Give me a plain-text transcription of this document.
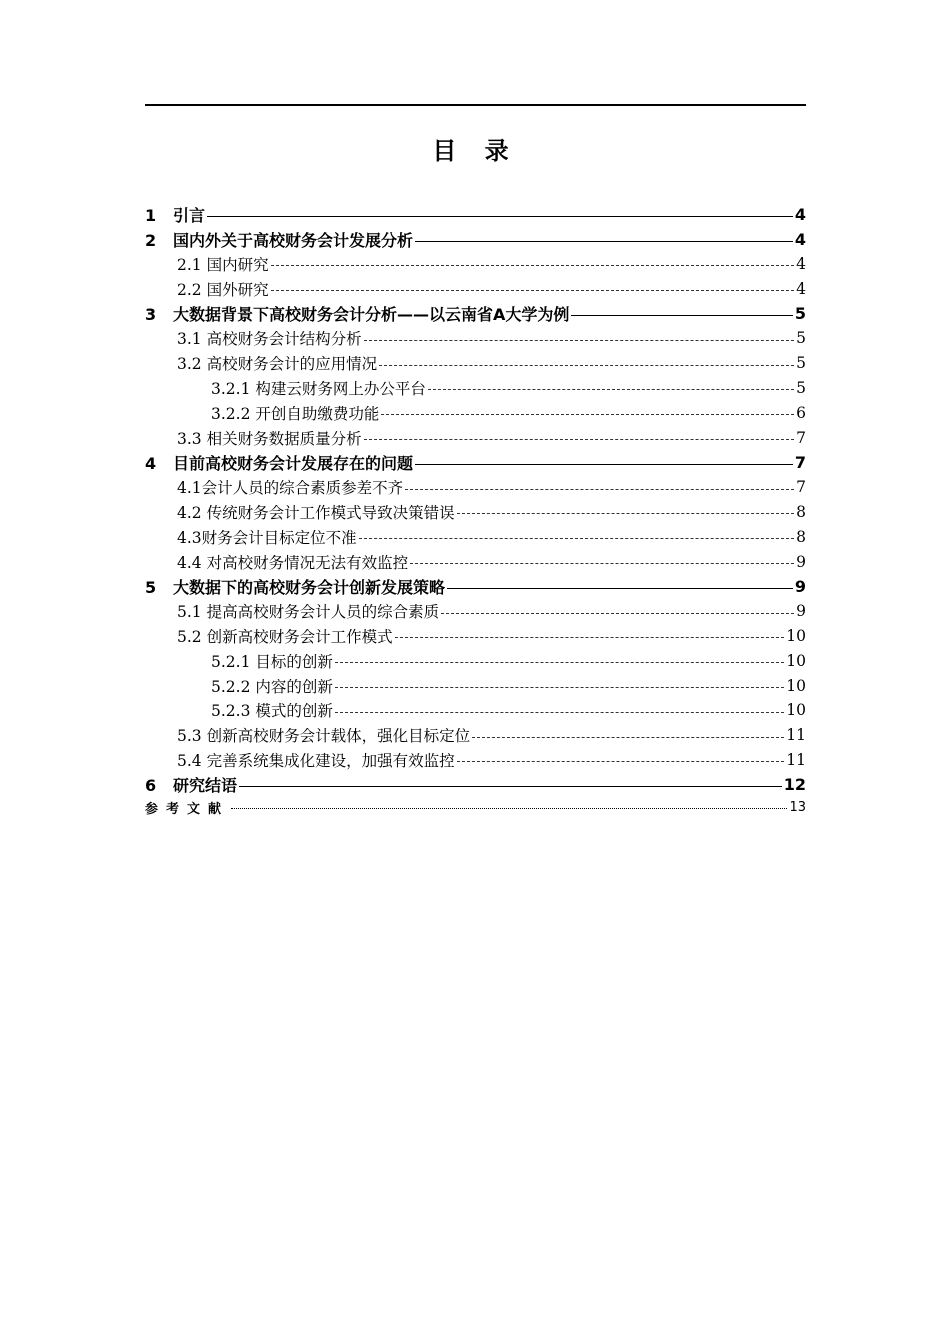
目 录
1 引言	4
2 国内外关于高校财务会计发展分析	4
2.1 国内研究	4
2.2 国外研究	4
3 大数据背景下高校财务会计分析——以云南省A大学为例	5
3.1 高校财务会计结构分析	5
3.2 高校财务会计的应用情况	5
3.2.1 构建云财务网上办公平台	5
3.2.2 开创自助缴费功能	6
3.3 相关财务数据质量分析	7
4 目前高校财务会计发展存在的问题	7
4.1会计人员的综合素质参差不齐	7
4.2 传统财务会计工作模式导致决策错误	8
4.3财务会计目标定位不准	8
4.4 对高校财务情况无法有效监控	9
5 大数据下的高校财务会计创新发展策略	9
5.1 提高高校财务会计人员的综合素质	9
5.2 创新高校财务会计工作模式	10
5.2.1 目标的创新	10
5.2.2 内容的创新	10
5.2.3 模式的创新	10
5.3 创新高校财务会计载体，强化目标定位	11
5.4 完善系统集成化建设，加强有效监控	11
6 研究结语	12
参考文献	13
